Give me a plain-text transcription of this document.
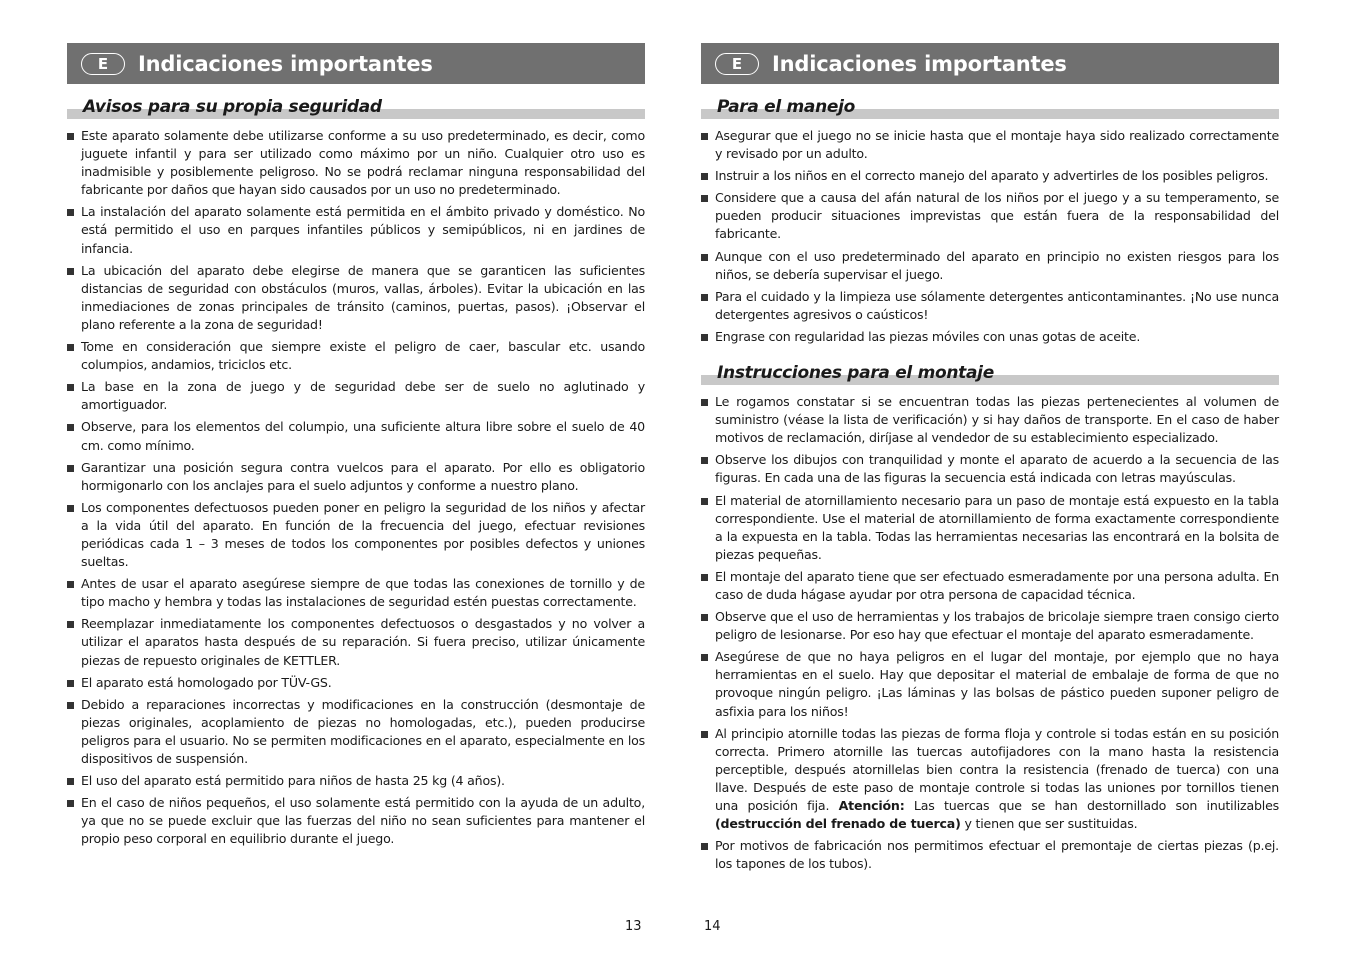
E	Indicaciones importantes
Avisos para su propia seguridad
Este aparato solamente debe utilizarse conforme a su uso predeterminado, es decir, como juguete infantil y para ser utilizado como máximo por un niño. Cualquier otro uso es inadmisible y posiblemente peligroso. No se podrá reclamar ninguna responsabilidad del fabricante por daños que hayan sido causados por un uso no predeterminado.
La instalación del aparato solamente está permitida en el ámbito privado y doméstico. No está permitido el uso en parques infantiles públicos y semipúblicos, ni en jardines de infancia.
La ubicación del aparato debe elegirse de manera que se garanticen las suficientes distancias de seguridad con obstáculos (muros, vallas, árboles). Evitar la ubicación en las inmediaciones de zonas principales de tránsito (caminos, puertas, pasos). ¡Observar el plano referente a la zona de seguridad!
Tome en consideración que siempre existe el peligro de caer, bascular etc. usando columpios, andamios, triciclos etc.
La base en la zona de juego y de seguridad debe ser de suelo no aglutinado y amortiguador.
Observe, para los elementos del columpio, una suficiente altura libre sobre el suelo de 40 cm. como mínimo.
Garantizar una posición segura contra vuelcos para el aparato. Por ello es obligatorio hormigonarlo con los anclajes para el suelo adjuntos y conforme a nuestro plano.
Los componentes defectuosos pueden poner en peligro la seguridad de los niños y afectar a la vida útil del aparato. En función de la frecuencia del juego, efectuar revisiones periódicas cada 1 – 3 meses de todos los componentes por posibles defectos y uniones sueltas.
Antes de usar el aparato asegúrese siempre de que todas las conexiones de tornillo y de tipo macho y hembra y todas las instalaciones de seguridad estén puestas correctamente.
Reemplazar inmediatamente los componentes defectuosos o desgastados y no volver a utilizar el aparatos hasta después de su reparación. Si fuera preciso, utilizar únicamente piezas de repuesto originales de KETTLER.
El aparato está homologado por TÜV-GS.
Debido a reparaciones incorrectas y modificaciones en la construcción (desmontaje de piezas originales, acoplamiento de piezas no homologadas, etc.), pueden producirse peligros para el usuario. No se permiten modificaciones en el aparato, especialmente en los dispositivos de suspensión.
El uso del aparato está permitido para niños de hasta 25 kg (4 años).
En el caso de niños pequeños, el uso solamente está permitido con la ayuda de un adulto, ya que no se puede excluir que las fuerzas del niño no sean suficientes para mantener el propio peso corporal en equilibrio durante el juego.
E	Indicaciones importantes
Para el manejo
Asegurar que el juego no se inicie hasta que el montaje haya sido realizado correctamente y revisado por un adulto.
Instruir a los niños en el correcto manejo del aparato y advertirles de los posibles peligros.
Considere que a causa del afán natural de los niños por el juego y a su temperamento, se pueden producir situaciones imprevistas que están fuera de la responsabilidad del fabricante.
Aunque con el uso predeterminado del aparato en principio no existen riesgos para los niños, se debería supervisar el juego.
Para el cuidado y la limpieza use sólamente detergentes anticontaminantes. ¡No use nunca detergentes agresivos o caústicos!
Engrase con regularidad las piezas móviles con unas gotas de aceite.
Instrucciones para el montaje
Le rogamos constatar si se encuentran todas las piezas pertenecientes al volumen de suministro (véase la lista de verificación) y si hay daños de transporte. En el caso de haber motivos de reclamación, diríjase al vendedor de su establecimiento especializado.
Observe los dibujos con tranquilidad y monte el aparato de acuerdo a la secuencia de las figuras. En cada una de las figuras la secuencia está indicada con letras mayúsculas.
El material de atornillamiento necesario para un paso de montaje está expuesto en la tabla correspondiente. Use el material de atornillamiento de forma exactamente correspondiente a la expuesta en la tabla. Todas las herramientas necesarias las encontrará en la bolsita de piezas pequeñas.
El montaje del aparato tiene que ser efectuado esmeradamente por una persona adulta. En caso de duda hágase ayudar por otra persona de capacidad técnica.
Observe que el uso de herramientas y los trabajos de bricolaje siempre traen consigo cierto peligro de lesionarse. Por eso hay que efectuar el montaje del aparato esmeradamente.
Asegúrese de que no haya peligros en el lugar del montaje, por ejemplo que no haya herramientas en el suelo. Hay que depositar el material de embalaje de forma de que no provoque ningún peligro. ¡Las láminas y las bolsas de pástico pueden suponer peligro de asfixia para los niños!
Al principio atornille todas las piezas de forma floja y controle si todas están en su posición correcta. Primero atornille las tuercas autofijadores con la mano hasta la resistencia perceptible, después atornillelas bien contra la resistencia (frenado de tuerca) con una llave. Después de este paso de montaje controle si todas las uniones por tornillos tienen una posición fija. Atención: Las tuercas que se han destornillado son inutilizables (destrucción del frenado de tuerca) y tienen que ser sustituidas.
Por motivos de fabricación nos permitimos efectuar el premontaje de ciertas piezas (p.ej. los tapones de los tubos).
13	14
